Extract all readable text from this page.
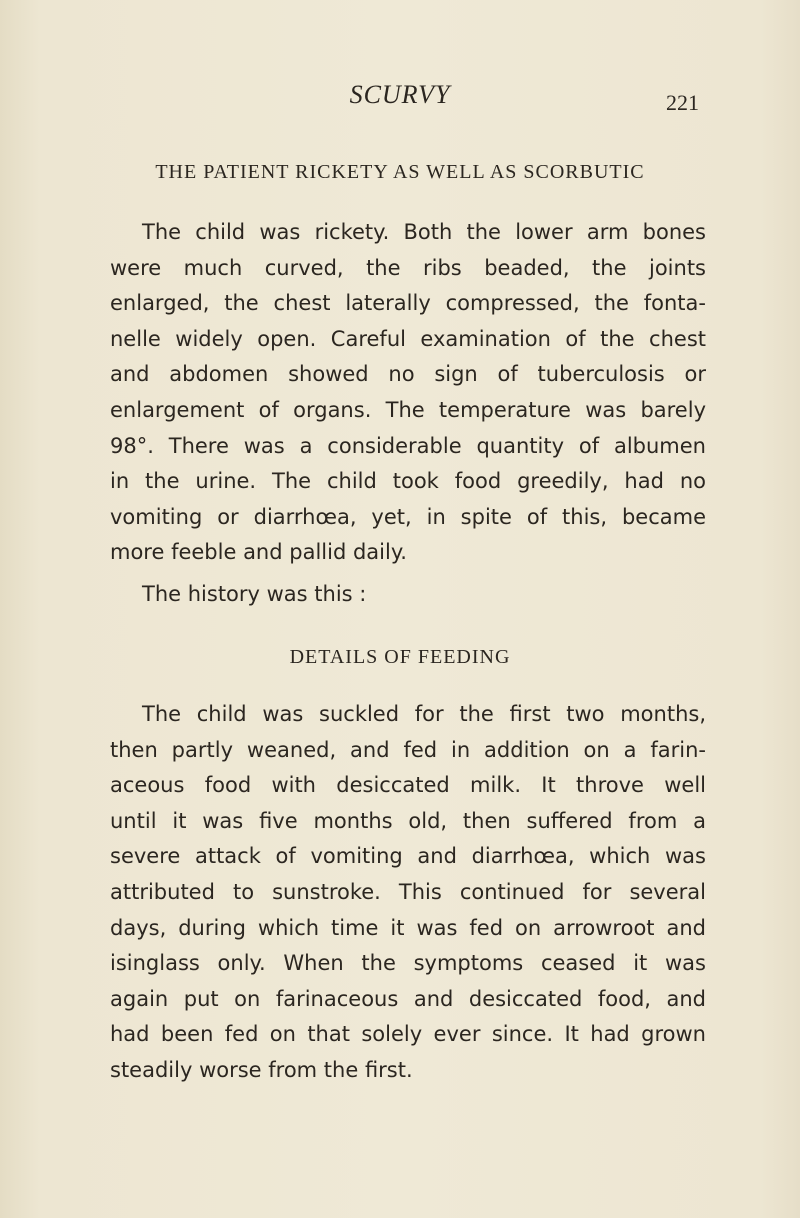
SCURVY	221
THE PATIENT RICKETY AS WELL AS SCORBUTIC
The child was rickety. Both the lower arm bones
were much curved, the ribs beaded, the joints
enlarged, the chest laterally compressed, the fonta-
nelle widely open. Careful examination of the chest
and abdomen showed no sign of tuberculosis or
enlargement of organs. The temperature was barely
98°. There was a considerable quantity of albumen
in the urine. The child took food greedily, had no
vomiting or diarrhœa, yet, in spite of this, became
more feeble and pallid daily.
The history was this :
DETAILS OF FEEDING
The child was suckled for the first two months,
then partly weaned, and fed in addition on a farin-
aceous food with desiccated milk. It throve well
until it was five months old, then suffered from a
severe attack of vomiting and diarrhœa, which was
attributed to sunstroke. This continued for several
days, during which time it was fed on arrowroot and
isinglass only. When the symptoms ceased it was
again put on farinaceous and desiccated food, and
had been fed on that solely ever since. It had grown
steadily worse from the first.
